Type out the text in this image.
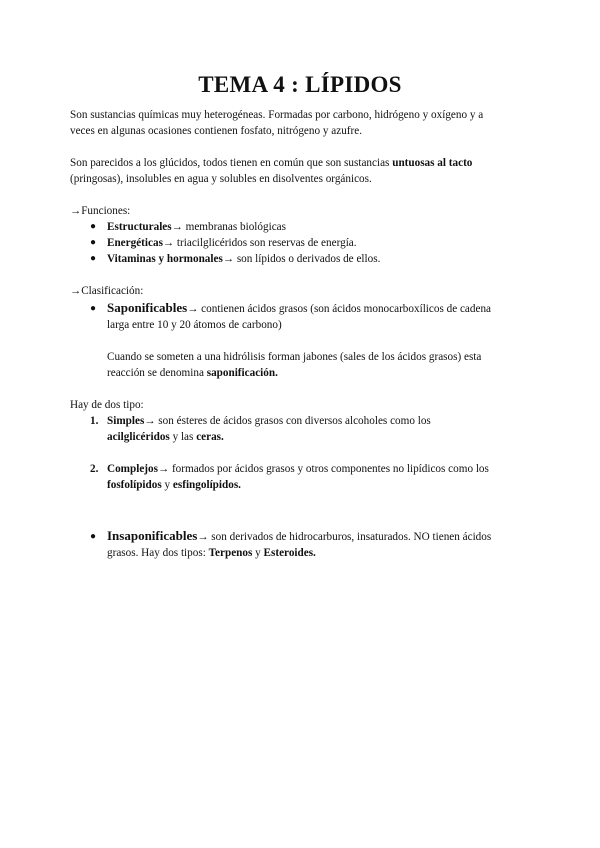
TEMA 4 : LÍPIDOS

Son sustancias químicas muy heterogéneas. Formadas por carbono, hidrógeno y oxígeno y a

veces en algunas ocasiones contienen fosfato, nitrógeno y azufre.

Son parecidos a los glúcidos, todos tienen en común que son sustancias untuosas al tacto

(pringosas), insolubles en agua y solubles en disolventes orgánicos.

→Funciones:

● Estructurales→ membranas biológicas

● Energéticas→ triacilglicéridos son reservas de energía.

● Vitaminas y hormonales→ son lípidos o derivados de ellos.

→Clasificación:

● Saponificables→ contienen ácidos grasos (son ácidos monocarboxílicos de cadena

larga entre 10 y 20 átomos de carbono)

Cuando se someten a una hidrólisis forman jabones (sales de los ácidos grasos) esta

reacción se denomina saponificación.

Hay de dos tipo:

1. Simples→ son ésteres de ácidos grasos con diversos alcoholes como los

acilglicéridos y las ceras.

2. Complejos→ formados por ácidos grasos y otros componentes no lipídicos como los

fosfolípidos y esfingolípidos.

● Insaponificables→ son derivados de hidrocarburos, insaturados. NO tienen ácidos

grasos. Hay dos tipos: Terpenos y Esteroides.
